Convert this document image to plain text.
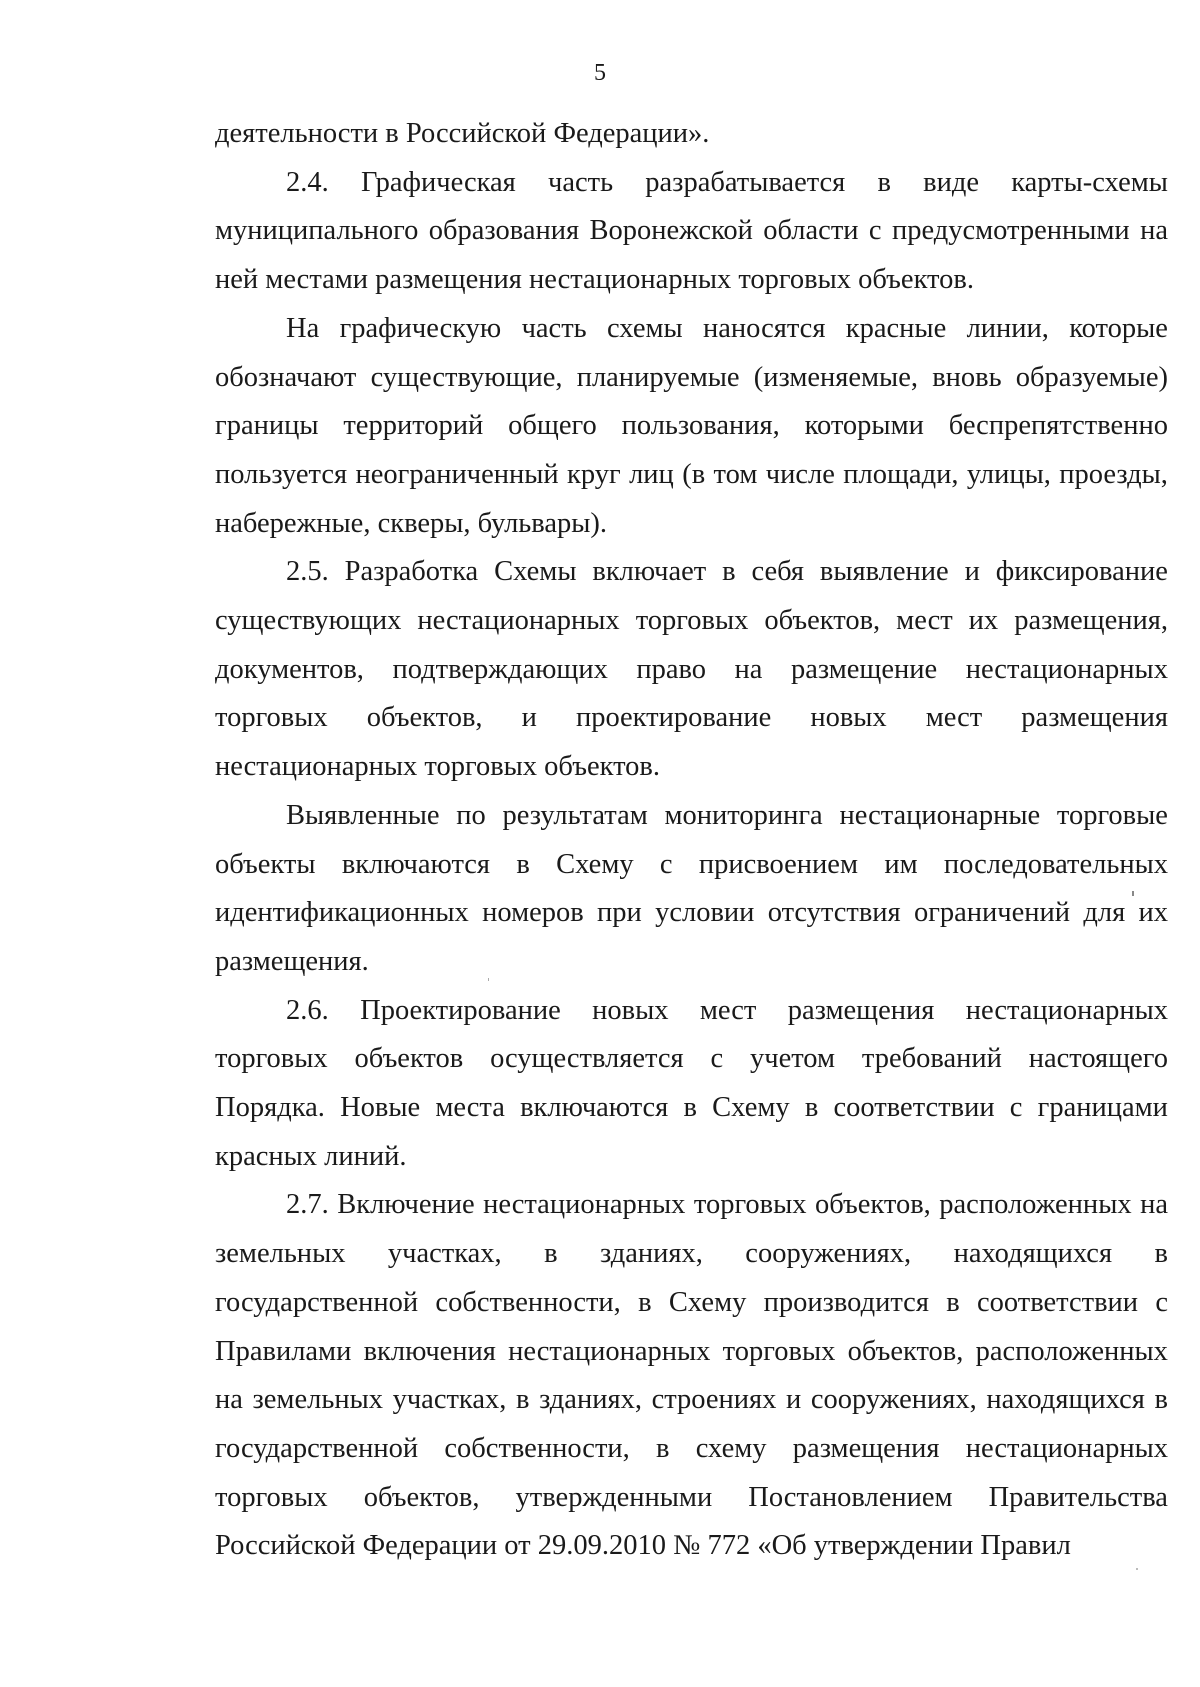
5
деятельности в Российской Федерации».
2.4. Графическая часть разрабатывается в виде карты-схемы
муниципального образования Воронежской области с предусмотренными на
ней местами размещения нестационарных торговых объектов.
На графическую часть схемы наносятся красные линии, которые
обозначают существующие, планируемые (изменяемые, вновь образуемые)
границы территорий общего пользования, которыми беспрепятственно
пользуется неограниченный круг лиц (в том числе площади, улицы, проезды,
набережные, скверы, бульвары).
2.5. Разработка Схемы включает в себя выявление и фиксирование
существующих нестационарных торговых объектов, мест их размещения,
документов, подтверждающих право на размещение нестационарных
торговых объектов, и проектирование новых мест размещения
нестационарных торговых объектов.
Выявленные по результатам мониторинга нестационарные торговые
объекты включаются в Схему с присвоением им последовательных
идентификационных номеров при условии отсутствия ограничений для их
размещения.
2.6. Проектирование новых мест размещения нестационарных
торговых объектов осуществляется с учетом требований настоящего
Порядка. Новые места включаются в Схему в соответствии с границами
красных линий.
2.7. Включение нестационарных торговых объектов, расположенных на
земельных участках, в зданиях, сооружениях, находящихся в
государственной собственности, в Схему производится в соответствии с
Правилами включения нестационарных торговых объектов, расположенных
на земельных участках, в зданиях, строениях и сооружениях, находящихся в
государственной собственности, в схему размещения нестационарных
торговых объектов, утвержденными Постановлением Правительства
Российской Федерации от 29.09.2010 № 772 «Об утверждении Правил
